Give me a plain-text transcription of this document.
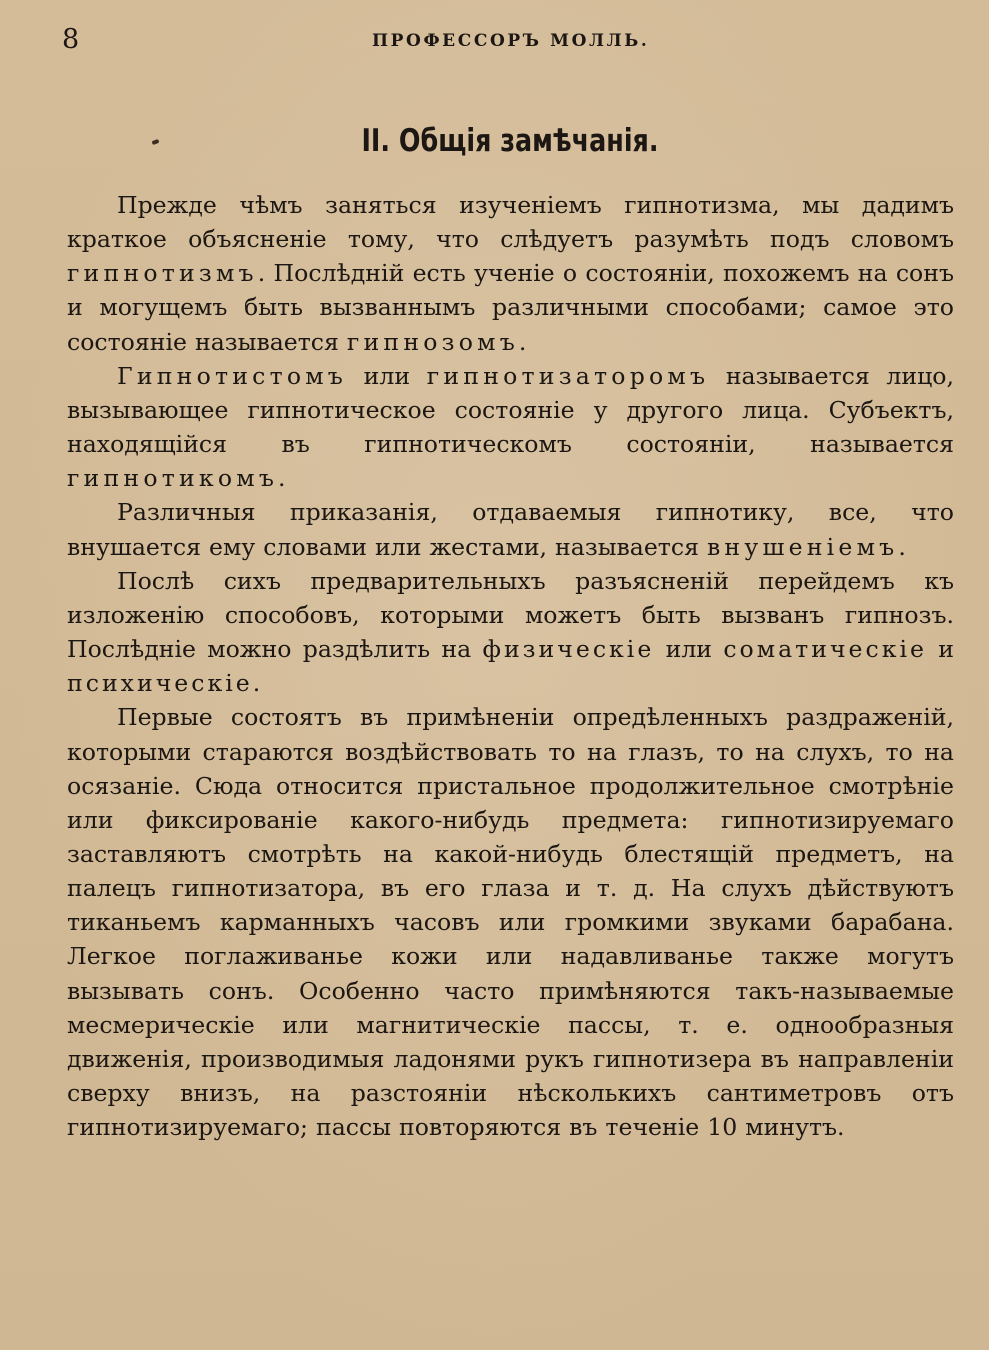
8	ПРОФЕССОРЪ МОЛЛЬ.
II. Общія замѣчанія.

Прежде чѣмъ заняться изученіемъ гипнотизма, мы дадимъ краткое объясненіе тому, что слѣдуетъ разумѣть подъ словомъ гипнотизмъ. Послѣдній есть ученіе о состояніи, похожемъ на сонъ и могущемъ быть вызваннымъ различными способами; самое это состояніе называется гипнозомъ.

Гипнотистомъ или гипнотизаторомъ называется лицо, вызывающее гипнотическое состояніе у другого лица. Субъектъ, находящійся въ гипнотическомъ состояніи, называется гипнотикомъ.

Различныя приказанія, отдаваемыя гипнотику, все, что внушается ему словами или жестами, называется внушеніемъ.

Послѣ сихъ предварительныхъ разъясненій перейдемъ къ изложенію способовъ, которыми можетъ быть вызванъ гипнозъ. Послѣдніе можно раздѣлить на физическіе или соматическіе и психическіе.

Первые состоятъ въ примѣненіи опредѣленныхъ раздраженій, которыми стараются воздѣйствовать то на глазъ, то на слухъ, то на осязаніе. Сюда относится пристальное продолжительное смотрѣніе или фиксированіе какого-нибудь предмета: гипнотизируемаго заставляютъ смотрѣть на какой-нибудь блестящій предметъ, на палецъ гипнотизатора, въ его глаза и т. д. На слухъ дѣйствуютъ тиканьемъ карманныхъ часовъ или громкими звуками барабана. Легкое поглаживанье кожи или надавливанье также могутъ вызывать сонъ. Особенно часто примѣняются такъ-называемые месмерическіе или магнитическіе пассы, т. е. однообразныя движенія, производимыя ладонями рукъ гипнотизера въ направленіи сверху внизъ, на разстояніи нѣсколькихъ сантиметровъ отъ гипнотизируемаго; пассы повторяются въ теченіе 10 минутъ.
